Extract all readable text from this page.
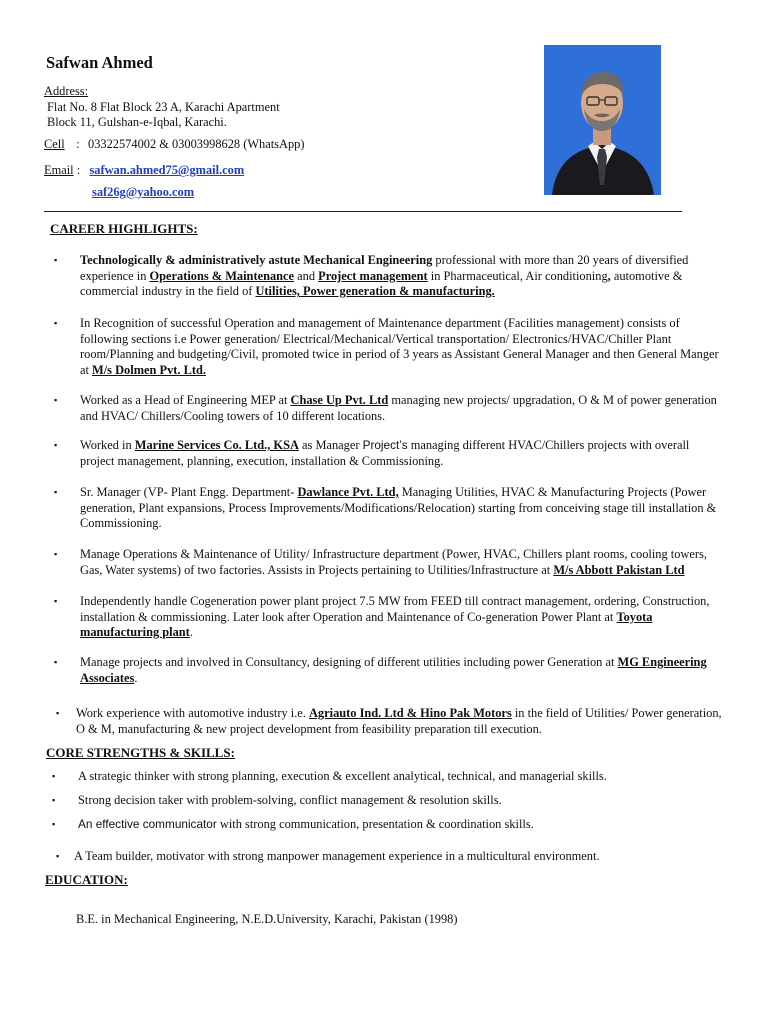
Safwan Ahmed
Address:
Flat No. 8 Flat Block 23 A, Karachi Apartment
Block 11, Gulshan-e-Iqbal, Karachi.
Cell : 03322574002 & 03003998628 (WhatsApp)
Email : safwan.ahmed75@gmail.com
saf26g@yahoo.com
CAREER HIGHLIGHTS:
▪	Technologically & administratively astute Mechanical Engineering professional with more than 20 years of diversified experience in Operations & Maintenance and Project management in Pharmaceutical, Air conditioning, automotive & commercial industry in the field of Utilities, Power generation & manufacturing.
▪	In Recognition of successful Operation and management of Maintenance department (Facilities management) consists of following sections i.e Power generation/ Electrical/Mechanical/Vertical transportation/ Electronics/HVAC/Chiller Plant room/Planning and budgeting/Civil, promoted twice in period of 3 years as Assistant General Manager and then General Manger at M/s Dolmen Pvt. Ltd.
▪	Worked as a Head of Engineering MEP at Chase Up Pvt. Ltd managing new projects/ upgradation, O & M of power generation and HVAC/ Chillers/Cooling towers of 10 different locations.
▪	Worked in Marine Services Co. Ltd., KSA as Manager Project’s managing different HVAC/Chillers projects with overall project management, planning, execution, installation & Commissioning.
▪	Sr. Manager (VP- Plant Engg. Department- Dawlance Pvt. Ltd, Managing Utilities, HVAC & Manufacturing Projects (Power generation, Plant expansions, Process Improvements/Modifications/Relocation) starting from conceiving stage till installation & Commissioning.
▪	Manage Operations & Maintenance of Utility/ Infrastructure department (Power, HVAC, Chillers plant rooms, cooling towers, Gas, Water systems) of two factories. Assists in Projects pertaining to Utilities/Infrastructure at M/s Abbott Pakistan Ltd
▪	Independently handle Cogeneration power plant project 7.5 MW from FEED till contract management, ordering, Construction, installation & commissioning. Later look after Operation and Maintenance of Co-generation Power Plant at Toyota manufacturing plant.
▪	Manage projects and involved in Consultancy, designing of different utilities including power Generation at MG Engineering Associates.
▪	Work experience with automotive industry i.e. Agriauto Ind. Ltd & Hino Pak Motors in the field of Utilities/ Power generation, O & M, manufacturing & new project development from feasibility preparation till execution.
CORE STRENGTHS & SKILLS:
▪	A strategic thinker with strong planning, execution & excellent analytical, technical, and managerial skills.
▪	Strong decision taker with problem-solving, conflict management & resolution skills.
▪	An effective communicator with strong communication, presentation & coordination skills.
▪	A Team builder, motivator with strong manpower management experience in a multicultural environment.
EDUCATION:
B.E. in Mechanical Engineering, N.E.D.University, Karachi, Pakistan (1998)
